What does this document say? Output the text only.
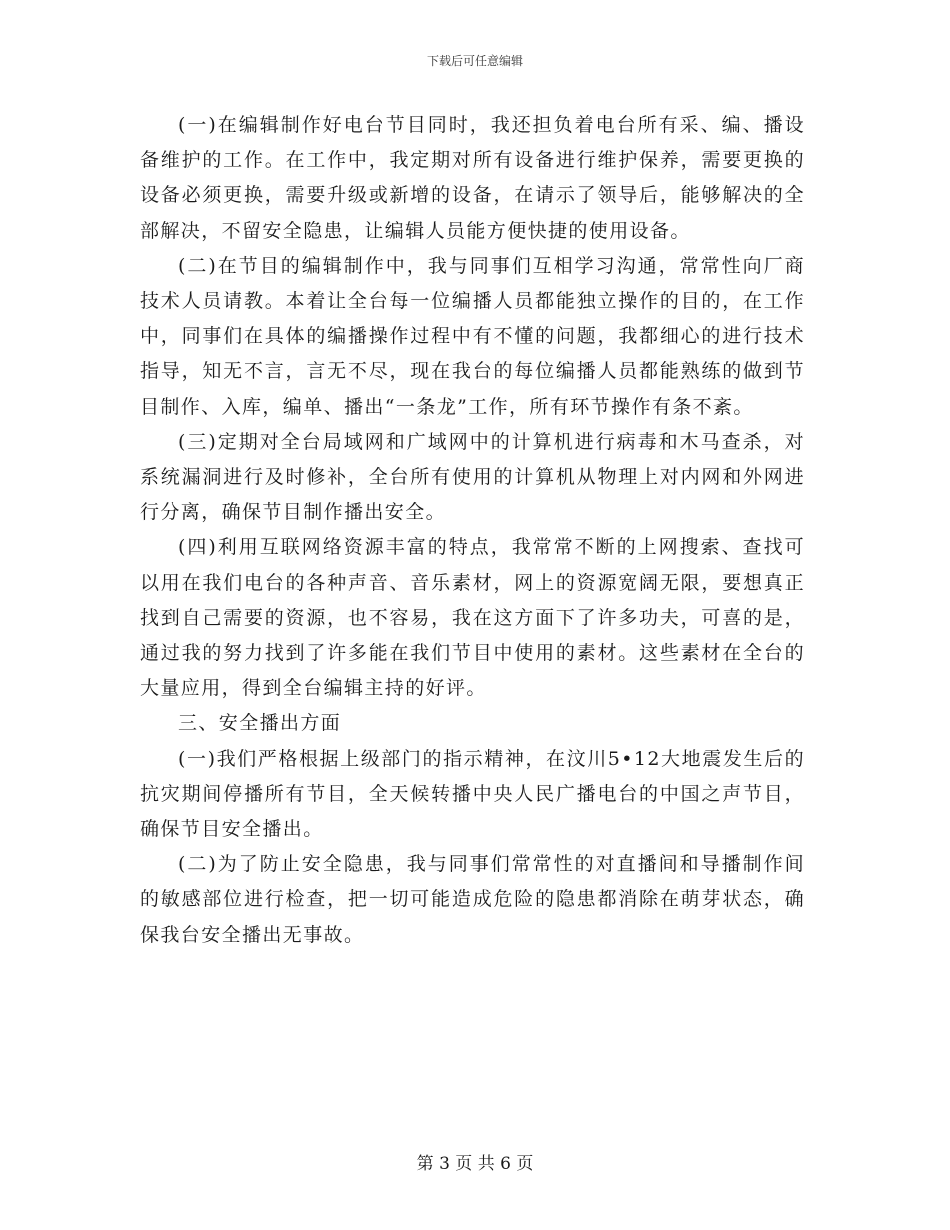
下载后可任意编辑

(一)在编辑制作好电台节目同时，我还担负着电台所有采、编、播设备维护的工作。在工作中，我定期对所有设备进行维护保养，需要更换的设备必须更换，需要升级或新增的设备，在请示了领导后，能够解决的全部解决，不留安全隐患，让编辑人员能方便快捷的使用设备。

(二)在节目的编辑制作中，我与同事们互相学习沟通，常常性向厂商技术人员请教。本着让全台每一位编播人员都能独立操作的目的，在工作中，同事们在具体的编播操作过程中有不懂的问题，我都细心的进行技术指导，知无不言，言无不尽，现在我台的每位编播人员都能熟练的做到节目制作、入库，编单、播出“一条龙”工作，所有环节操作有条不紊。

(三)定期对全台局域网和广域网中的计算机进行病毒和木马查杀，对系统漏洞进行及时修补，全台所有使用的计算机从物理上对内网和外网进行分离，确保节目制作播出安全。

(四)利用互联网络资源丰富的特点，我常常不断的上网搜索、查找可以用在我们电台的各种声音、音乐素材，网上的资源宽阔无限，要想真正找到自己需要的资源，也不容易，我在这方面下了许多功夫，可喜的是，通过我的努力找到了许多能在我们节目中使用的素材。这些素材在全台的大量应用，得到全台编辑主持的好评。

三、安全播出方面

(一)我们严格根据上级部门的指示精神，在汶川5•12大地震发生后的抗灾期间停播所有节目，全天候转播中央人民广播电台的中国之声节目，确保节目安全播出。

(二)为了防止安全隐患，我与同事们常常性的对直播间和导播制作间的敏感部位进行检查，把一切可能造成危险的隐患都消除在萌芽状态，确保我台安全播出无事故。

第 3 页 共 6 页
